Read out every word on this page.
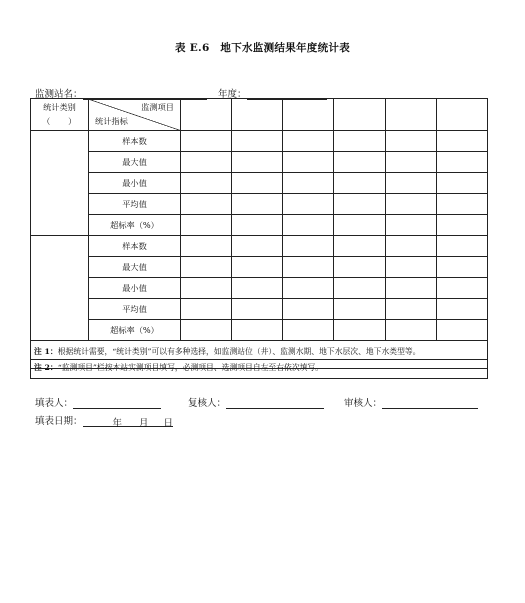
表 E.6　地下水监测结果年度统计表
监测站名：	年度：
统计类别
（　　）	监测项目
统计指标						

	样本数						
	最大值						
	最小值						
	平均值						
	超标率（%）						
	样本数						
	最大值						
	最小值						
	平均值						
	超标率（%）						

注 1：根据统计需要，“统计类别”可以有多种选择，如监测站位（井）、监测水期、地下水层次、地下水类型等。
注 2：“监测项目”栏按本站实测项目填写，必测项目、选测项目自左至右依次填写。							
填表人：	复核人：	审核人：
填表日期：	年 月 日
